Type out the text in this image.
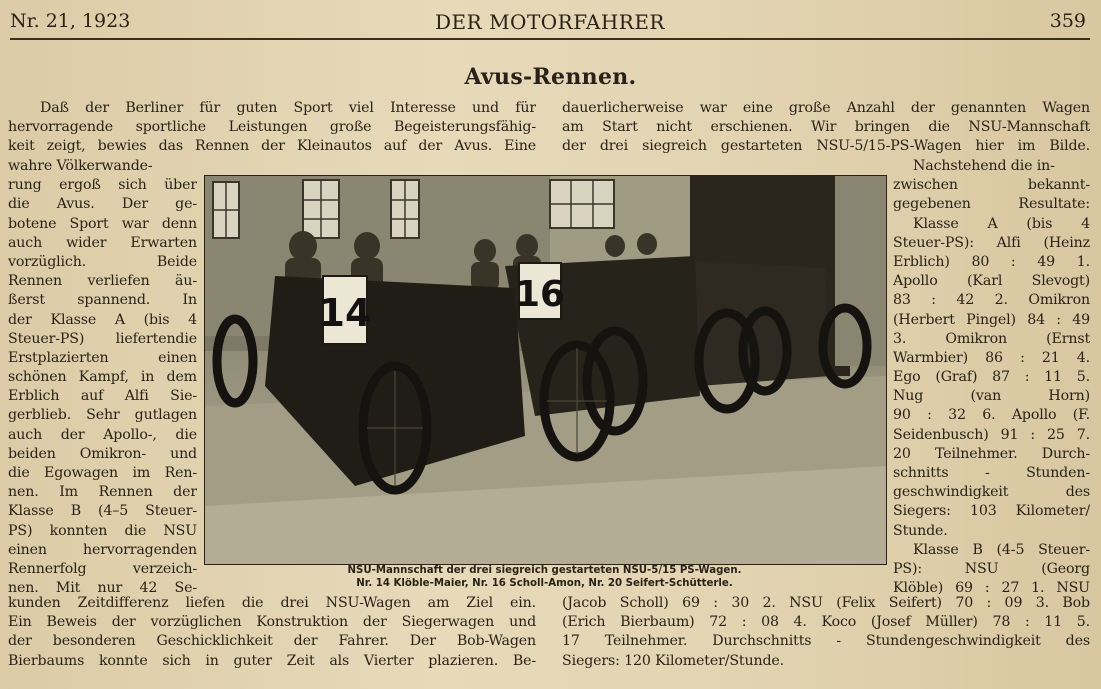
Nr. 21, 1923	DER MOTORFAHRER	359
Avus-Rennen.
Daß der Berliner für guten Sport viel Interesse und für
hervorragende sportliche Leistungen große Begeisterungsfähig-
keit zeigt, bewies das Rennen der Kleinautos auf der Avus. Eine
dauerlicherweise war eine große Anzahl der genannten Wagen
am Start nicht erschienen. Wir bringen die NSU-Mannschaft
der drei siegreich gestarteten NSU-5/15-PS-Wagen hier im Bilde.
wahre Völkerwande-
rung ergoß sich über
die Avus. Der ge-
botene Sport war denn
auch wider Erwarten
vorzüglich. Beide
Rennen verliefen äu-
ßerst spannend. In
der Klasse A (bis 4
Steuer-PS) liefertendie
Erstplazierten einen
schönen Kampf, in dem
Erblich auf Alfi Sie-
gerblieb. Sehr gutlagen
auch der Apollo-, die
beiden Omikron- und
die Egowagen im Ren-
nen. Im Rennen der
Klasse B (4–5 Steuer-
PS) konnten die NSU
einen hervorragenden
Rennerfolg verzeich-
nen. Mit nur 42 Se-
Nachstehend die in-
zwischen bekannt-
gegebenen Resultate:
Klasse A (bis 4
Steuer-PS): Alfi (Heinz
Erblich) 80 : 49 1.
Apollo (Karl Slevogt)
83 : 42 2. Omikron
(Herbert Pingel) 84 : 49
3. Omikron (Ernst
Warmbier) 86 : 21 4.
Ego (Graf) 87 : 11 5.
Nug (van Horn)
90 : 32 6. Apollo (F.
Seidenbusch) 91 : 25 7.
20 Teilnehmer. Durch-
schnitts - Stunden-
geschwindigkeit des
Siegers: 103 Kilometer/
Stunde.
Klasse B (4-5 Steuer-
PS): NSU (Georg
Klöble) 69 : 27 1. NSU
14	16
NSU-Mannschaft der drei siegreich gestarteten NSU-5/15 PS-Wagen.
Nr. 14 Klöble-Maier, Nr. 16 Scholl-Amon, Nr. 20 Seifert-Schütterle.
kunden Zeitdifferenz liefen die drei NSU-Wagen am Ziel ein.
Ein Beweis der vorzüglichen Konstruktion der Siegerwagen und
der besonderen Geschicklichkeit der Fahrer. Der Bob-Wagen
Bierbaums konnte sich in guter Zeit als Vierter plazieren. Be-
(Jacob Scholl) 69 : 30 2. NSU (Felix Seifert) 70 : 09 3. Bob
(Erich Bierbaum) 72 : 08 4. Koco (Josef Müller) 78 : 11 5.
17 Teilnehmer. Durchschnitts - Stundengeschwindigkeit des
Siegers: 120 Kilometer/Stunde.
